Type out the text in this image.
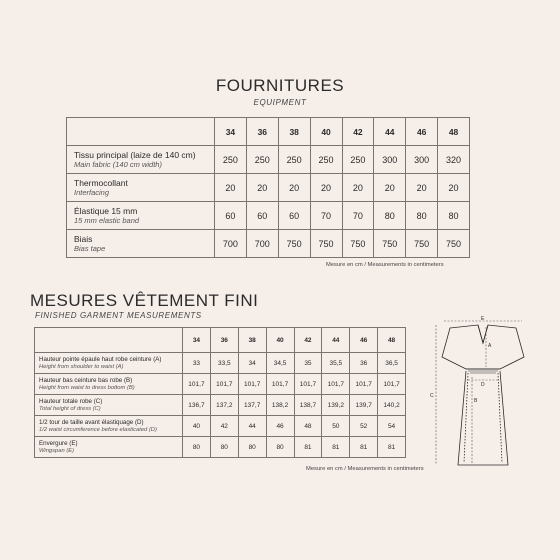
FOURNITURES
EQUIPMENT
	34	36	38	40	42	44	46	48

Tissu principal (laize de 140 cm)
Main fabric (140 cm width)	250	250	250	250	250	300	300	320

Thermocollant
Interfacing	20	20	20	20	20	20	20	20

Élastique 15 mm
15 mm elastic band	60	60	60	70	70	80	80	80

Biais
Bias tape	700	700	750	750	750	750	750	750
Mesure en cm / Measurements in centimeters
MESURES VÊTEMENT FINI
FINISHED GARMENT MEASUREMENTS
	34	36	38	40	42	44	46	48

Hauteur pointe épaule haut robe ceinture (A)
Height from shoulder to waist (A)	33	33,5	34	34,5	35	35,5	36	36,5

Hauteur bas ceinture bas robe (B)
Height from waist to dress bottom (B)	101,7	101,7	101,7	101,7	101,7	101,7	101,7	101,7

Hauteur totale robe (C)
Total height of dress (C)	136,7	137,2	137,7	138,2	138,7	139,2	139,7	140,2

1/2 tour de taille avant élastiquage (D)
1/2 waist circumference before elasticated (D)	40	42	44	46	48	50	52	54

Envergure (E)
Wingspan (E)	80	80	80	80	81	81	81	81
Mesure en cm / Measurements in centimeters
E
A
D
B
C
